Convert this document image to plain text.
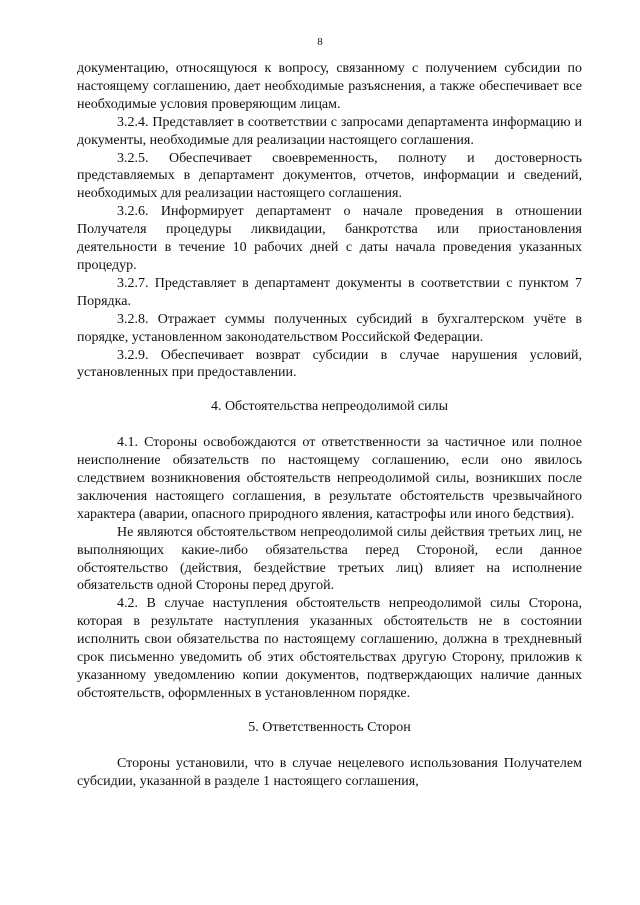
8

документацию, относящуюся к вопросу, связанному с получением субсидии по настоящему соглашению, дает необходимые разъяснения, а также обеспечивает все необходимые условия проверяющим лицам.

3.2.4. Представляет в соответствии с запросами департамента информацию и документы, необходимые для реализации настоящего соглашения.

3.2.5. Обеспечивает своевременность, полноту и достоверность представляемых в департамент документов, отчетов, информации и сведений, необходимых для реализации настоящего соглашения.

3.2.6. Информирует департамент о начале проведения в отношении Получателя процедуры ликвидации, банкротства или приостановления деятельности в течение 10 рабочих дней с даты начала проведения указанных процедур.

3.2.7. Представляет в департамент документы в соответствии с пунктом 7 Порядка.

3.2.8. Отражает суммы полученных субсидий в бухгалтерском учёте в порядке, установленном законодательством Российской Федерации.

3.2.9. Обеспечивает возврат субсидии в случае нарушения условий, установленных при предоставлении.

4. Обстоятельства непреодолимой силы

4.1. Стороны освобождаются от ответственности за частичное или полное неисполнение обязательств по настоящему соглашению, если оно явилось следствием возникновения обстоятельств непреодолимой силы, возникших после заключения настоящего соглашения, в результате обстоятельств чрезвычайного характера (аварии, опасного природного явления, катастрофы или иного бедствия).

Не являются обстоятельством непреодолимой силы действия третьих лиц, не выполняющих какие-либо обязательства перед Стороной, если данное обстоятельство (действия, бездействие третьих лиц) влияет на исполнение обязательств одной Стороны перед другой.

4.2. В случае наступления обстоятельств непреодолимой силы Сторона, которая в результате наступления указанных обстоятельств не в состоянии исполнить свои обязательства по настоящему соглашению, должна в трехдневный срок письменно уведомить об этих обстоятельствах другую Сторону, приложив к указанному уведомлению копии документов, подтверждающих наличие данных обстоятельств, оформленных в установленном порядке.

5. Ответственность Сторон

Стороны установили, что в случае нецелевого использования Получателем субсидии, указанной в разделе 1 настоящего соглашения,
